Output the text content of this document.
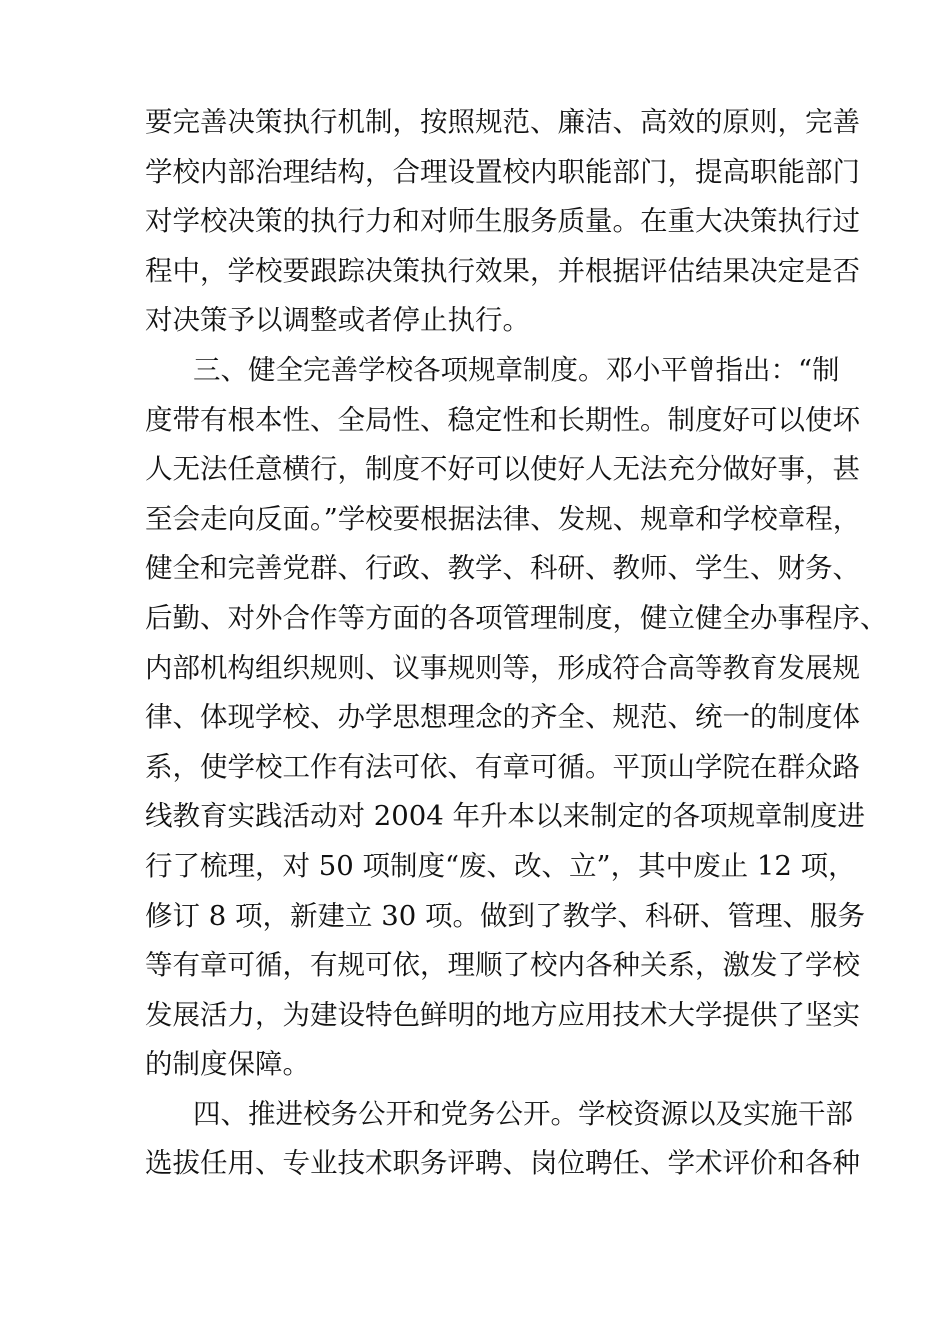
要完善决策执行机制，按照规范、廉洁、高效的原则，完善
学校内部治理结构，合理设置校内职能部门，提高职能部门
对学校决策的执行力和对师生服务质量。在重大决策执行过
程中，学校要跟踪决策执行效果，并根据评估结果决定是否
对决策予以调整或者停止执行。
三、健全完善学校各项规章制度。邓小平曾指出：“制
度带有根本性、全局性、稳定性和长期性。制度好可以使坏
人无法任意横行，制度不好可以使好人无法充分做好事，甚
至会走向反面。”学校要根据法律、发规、规章和学校章程，
健全和完善党群、行政、教学、科研、教师、学生、财务、
后勤、对外合作等方面的各项管理制度，健立健全办事程序、
内部机构组织规则、议事规则等，形成符合高等教育发展规
律、体现学校、办学思想理念的齐全、规范、统一的制度体
系，使学校工作有法可依、有章可循。平顶山学院在群众路
线教育实践活动对 2004 年升本以来制定的各项规章制度进
行了梳理，对 50 项制度“废、改、立”，其中废止 12 项，
修订 8 项，新建立 30 项。做到了教学、科研、管理、服务
等有章可循，有规可依，理顺了校内各种关系，激发了学校
发展活力，为建设特色鲜明的地方应用技术大学提供了坚实
的制度保障。
四、推进校务公开和党务公开。学校资源以及实施干部
选拔任用、专业技术职务评聘、岗位聘任、学术评价和各种
